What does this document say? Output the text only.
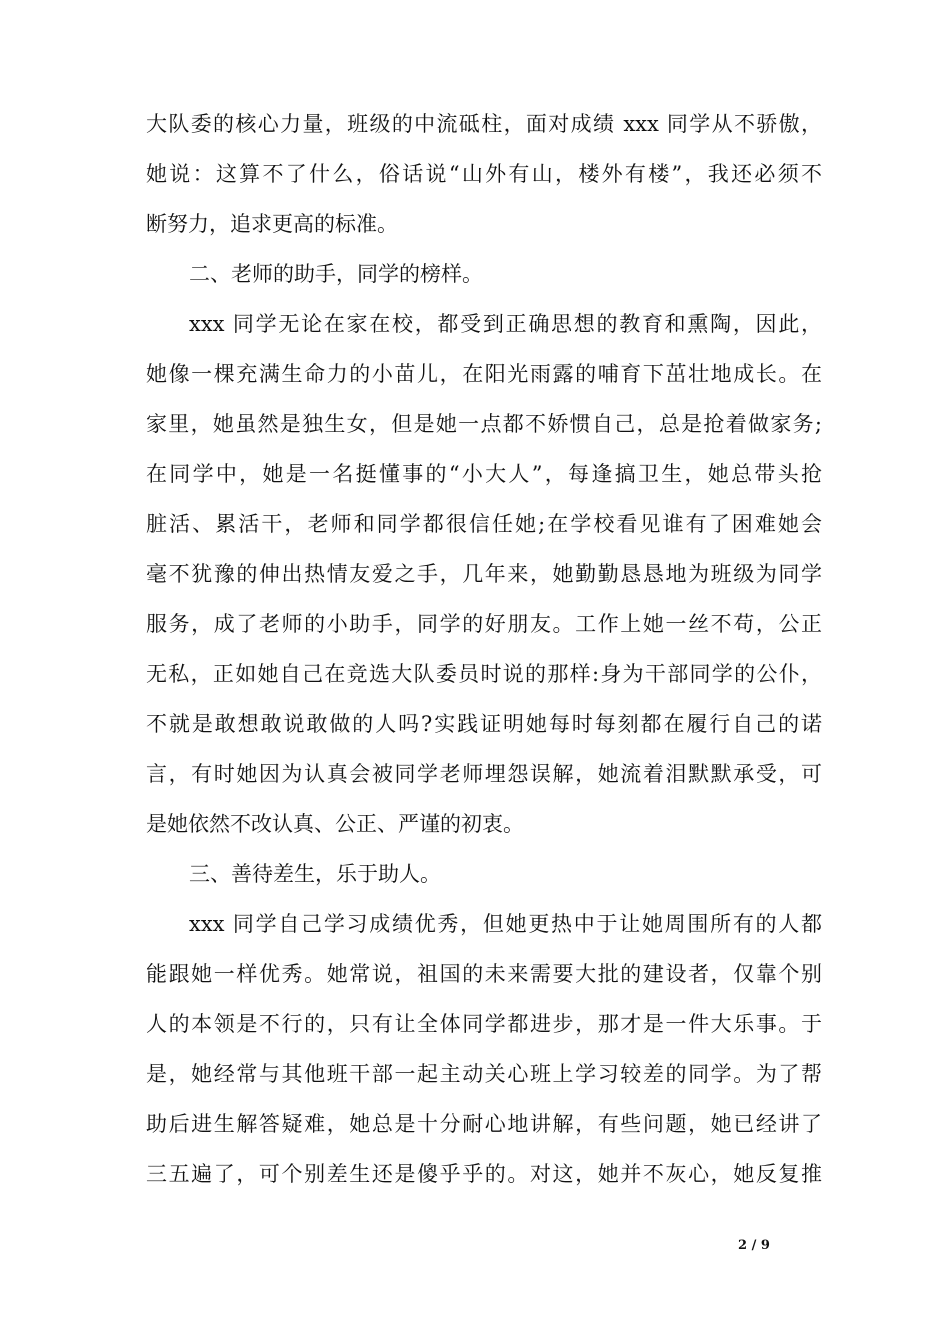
大队委的核心力量，班级的中流砥柱，面对成绩 xxx 同学从不骄傲，
她说：这算不了什么，俗话说“山外有山，楼外有楼”，我还必须不
断努力，追求更高的标准。
二、老师的助手，同学的榜样。
xxx 同学无论在家在校，都受到正确思想的教育和熏陶，因此，
她像一棵充满生命力的小苗儿，在阳光雨露的哺育下茁壮地成长。在
家里，她虽然是独生女，但是她一点都不娇惯自己，总是抢着做家务;
在同学中，她是一名挺懂事的“小大人”，每逢搞卫生，她总带头抢
脏活、累活干，老师和同学都很信任她;在学校看见谁有了困难她会
毫不犹豫的伸出热情友爱之手，几年来，她勤勤恳恳地为班级为同学
服务，成了老师的小助手，同学的好朋友。工作上她一丝不苟，公正
无私，正如她自己在竞选大队委员时说的那样:身为干部同学的公仆，
不就是敢想敢说敢做的人吗?实践证明她每时每刻都在履行自己的诺
言，有时她因为认真会被同学老师埋怨误解，她流着泪默默承受，可
是她依然不改认真、公正、严谨的初衷。
三、善待差生，乐于助人。
xxx 同学自己学习成绩优秀，但她更热中于让她周围所有的人都
能跟她一样优秀。她常说，祖国的未来需要大批的建设者，仅靠个别
人的本领是不行的，只有让全体同学都进步，那才是一件大乐事。于
是，她经常与其他班干部一起主动关心班上学习较差的同学。为了帮
助后进生解答疑难，她总是十分耐心地讲解，有些问题，她已经讲了
三五遍了，可个别差生还是傻乎乎的。对这，她并不灰心，她反复推
2 / 9
